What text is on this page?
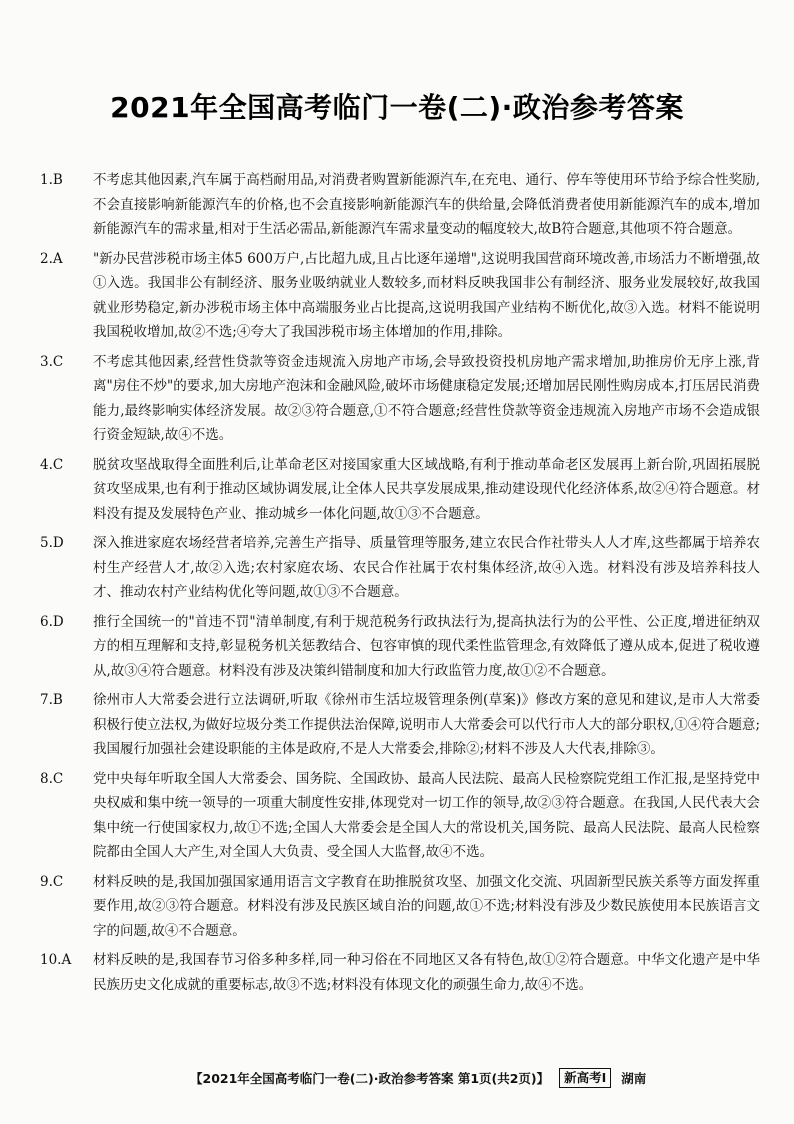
2021年全国高考临门一卷(二)·政治参考答案
1.B	不考虑其他因素,汽车属于高档耐用品,对消费者购置新能源汽车,在充电、通行、停车等使用环节给予综合性奖励,不会直接影响新能源汽车的价格,也不会直接影响新能源汽车的供给量,会降低消费者使用新能源汽车的成本,增加新能源汽车的需求量,相对于生活必需品,新能源汽车需求量变动的幅度较大,故B符合题意,其他项不符合题意。
2.A	"新办民营涉税市场主体5 600万户,占比超九成,且占比逐年递增",这说明我国营商环境改善,市场活力不断增强,故①入选。我国非公有制经济、服务业吸纳就业人数较多,而材料反映我国非公有制经济、服务业发展较好,故我国就业形势稳定,新办涉税市场主体中高端服务业占比提高,这说明我国产业结构不断优化,故③入选。材料不能说明我国税收增加,故②不选;④夸大了我国涉税市场主体增加的作用,排除。
3.C	不考虑其他因素,经营性贷款等资金违规流入房地产市场,会导致投资投机房地产需求增加,助推房价无序上涨,背离"房住不炒"的要求,加大房地产泡沫和金融风险,破坏市场健康稳定发展;还增加居民刚性购房成本,打压居民消费能力,最终影响实体经济发展。故②③符合题意,①不符合题意;经营性贷款等资金违规流入房地产市场不会造成银行资金短缺,故④不选。
4.C	脱贫攻坚战取得全面胜利后,让革命老区对接国家重大区域战略,有利于推动革命老区发展再上新台阶,巩固拓展脱贫攻坚成果,也有利于推动区域协调发展,让全体人民共享发展成果,推动建设现代化经济体系,故②④符合题意。材料没有提及发展特色产业、推动城乡一体化问题,故①③不合题意。
5.D	深入推进家庭农场经营者培养,完善生产指导、质量管理等服务,建立农民合作社带头人人才库,这些都属于培养农村生产经营人才,故②入选;农村家庭农场、农民合作社属于农村集体经济,故④入选。材料没有涉及培养科技人才、推动农村产业结构优化等问题,故①③不合题意。
6.D	推行全国统一的"首违不罚"清单制度,有利于规范税务行政执法行为,提高执法行为的公平性、公正度,增进征纳双方的相互理解和支持,彰显税务机关惩教结合、包容审慎的现代柔性监管理念,有效降低了遵从成本,促进了税收遵从,故③④符合题意。材料没有涉及决策纠错制度和加大行政监管力度,故①②不合题意。
7.B	徐州市人大常委会进行立法调研,听取《徐州市生活垃圾管理条例(草案)》修改方案的意见和建议,是市人大常委积极行使立法权,为做好垃圾分类工作提供法治保障,说明市人大常委会可以代行市人大的部分职权,①④符合题意;我国履行加强社会建设职能的主体是政府,不是人大常委会,排除②;材料不涉及人大代表,排除③。
8.C	党中央每年听取全国人大常委会、国务院、全国政协、最高人民法院、最高人民检察院党组工作汇报,是坚持党中央权威和集中统一领导的一项重大制度性安排,体现党对一切工作的领导,故②③符合题意。在我国,人民代表大会集中统一行使国家权力,故①不选;全国人大常委会是全国人大的常设机关,国务院、最高人民法院、最高人民检察院都由全国人大产生,对全国人大负责、受全国人大监督,故④不选。
9.C	材料反映的是,我国加强国家通用语言文字教育在助推脱贫攻坚、加强文化交流、巩固新型民族关系等方面发挥重要作用,故②③符合题意。材料没有涉及民族区域自治的问题,故①不选;材料没有涉及少数民族使用本民族语言文字的问题,故④不合题意。
10.A	材料反映的是,我国春节习俗多种多样,同一种习俗在不同地区又各有特色,故①②符合题意。中华文化遗产是中华民族历史文化成就的重要标志,故③不选;材料没有体现文化的顽强生命力,故④不选。
【2021年全国高考临门一卷(二)·政治参考答案 第1页(共2页)】	新高考Ⅰ	湖南
